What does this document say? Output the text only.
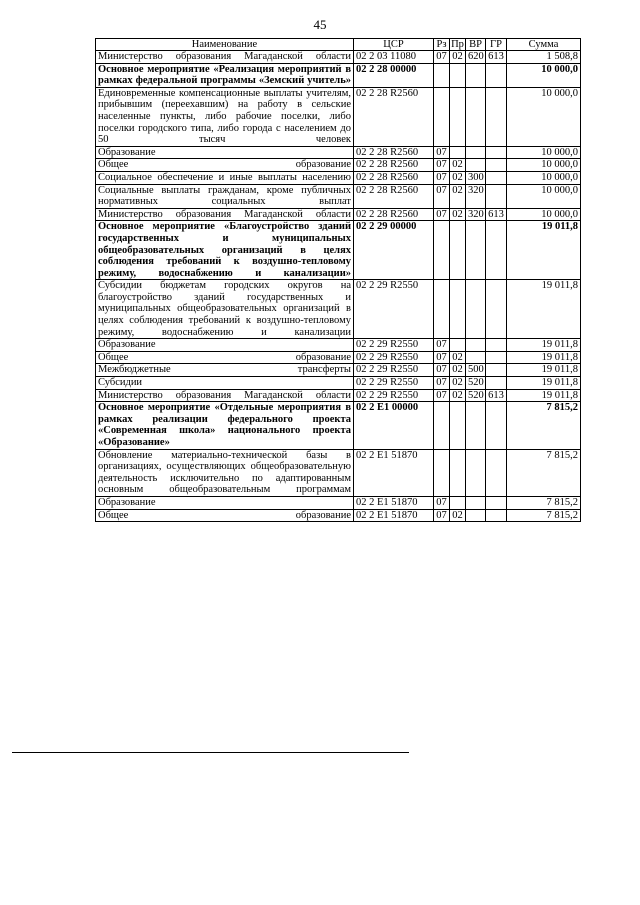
45
Наименование	ЦСР	Рз	Пр	ВР	ГР	Сумма
Министерство образования Магаданской области	02 2 03 11080	07	02	620	613	1 508,8
Основное мероприятие «Реализация мероприятий в рамках федеральной программы «Земский учитель»	02 2 28 00000					10 000,0
Единовременные компенсационные выплаты учителям, прибывшим (переехавшим) на работу в сельские населенные пункты, либо рабочие поселки, либо поселки городского типа, либо города с населением до 50 тысяч человек	02 2 28 R2560					10 000,0
Образование	02 2 28 R2560	07				10 000,0
Общее образование	02 2 28 R2560	07	02			10 000,0
Социальное обеспечение и иные выплаты населению	02 2 28 R2560	07	02	300		10 000,0
Социальные выплаты гражданам, кроме публичных нормативных социальных выплат	02 2 28 R2560	07	02	320		10 000,0
Министерство образования Магаданской области	02 2 28 R2560	07	02	320	613	10 000,0
Основное мероприятие «Благоустройство зданий государственных и муниципальных общеобразовательных организаций в целях соблюдения требований к воздушно-тепловому режиму, водоснабжению и канализации»	02 2 29 00000					19 011,8
Субсидии бюджетам городских округов на благоустройство зданий государственных и муниципальных общеобразовательных организаций в целях соблюдения требований к воздушно-тепловому режиму, водоснабжению и канализации	02 2 29 R2550					19 011,8
Образование	02 2 29 R2550	07				19 011,8
Общее образование	02 2 29 R2550	07	02			19 011,8
Межбюджетные трансферты	02 2 29 R2550	07	02	500		19 011,8
Субсидии	02 2 29 R2550	07	02	520		19 011,8
Министерство образования Магаданской области	02 2 29 R2550	07	02	520	613	19 011,8
Основное мероприятие «Отдельные мероприятия в рамках реализации федерального проекта «Современная школа» национального проекта «Образование»	02 2 E1 00000					7 815,2
Обновление материально-технической базы в организациях, осуществляющих общеобразовательную деятельность исключительно по адаптированным основным общеобразовательным программам	02 2 E1 51870					7 815,2
Образование	02 2 E1 51870	07				7 815,2
Общее образование	02 2 E1 51870	07	02			7 815,2
